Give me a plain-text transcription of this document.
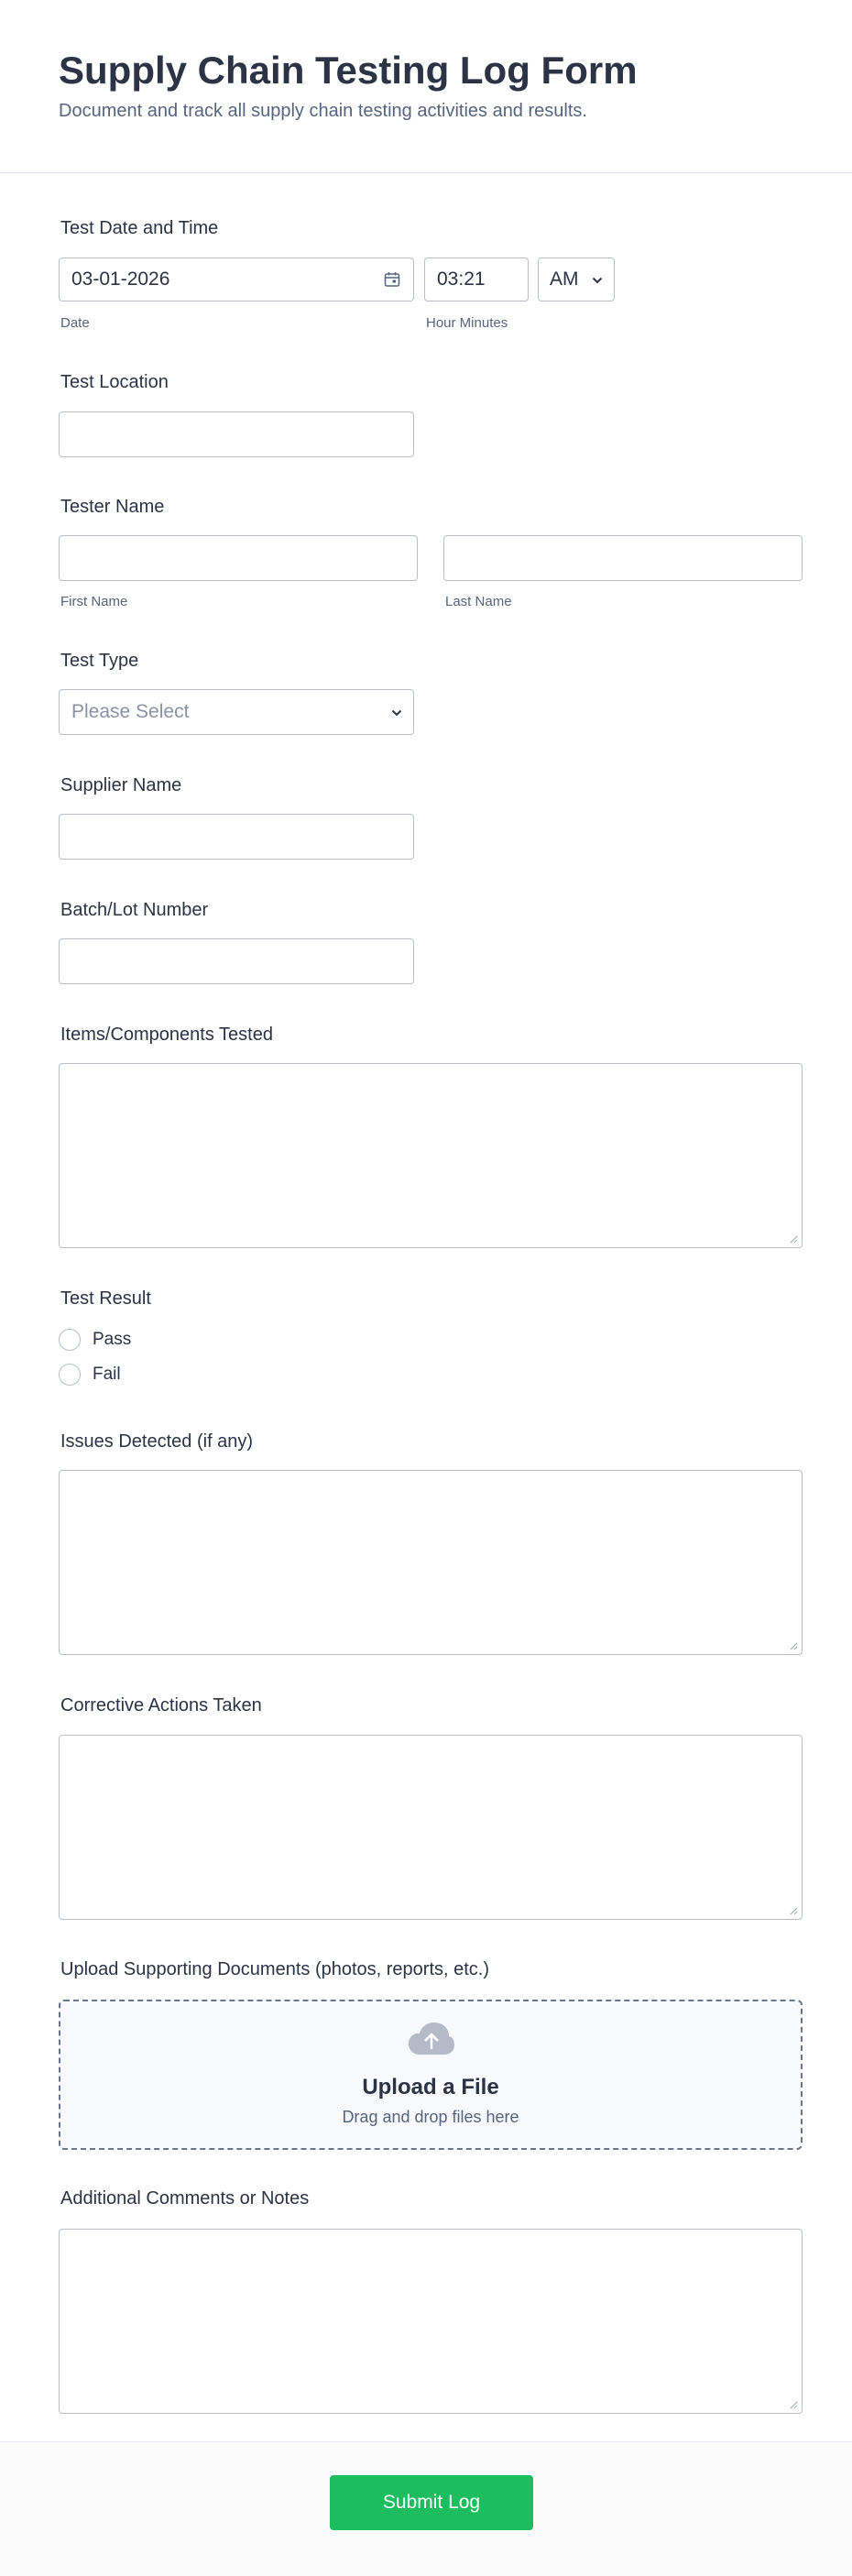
Supply Chain Testing Log Form
Document and track all supply chain testing activities and results.
Test Date and Time
03-01-2026
Date
03:21
Hour Minutes
AM
Test Location
Tester Name
First Name	Last Name
Test Type
Please Select
Supplier Name
Batch/Lot Number
Items/Components Tested
Test Result
Pass
Fail
Issues Detected (if any)
Corrective Actions Taken
Upload Supporting Documents (photos, reports, etc.)
Upload a File
Drag and drop files here
Additional Comments or Notes
Submit Log
